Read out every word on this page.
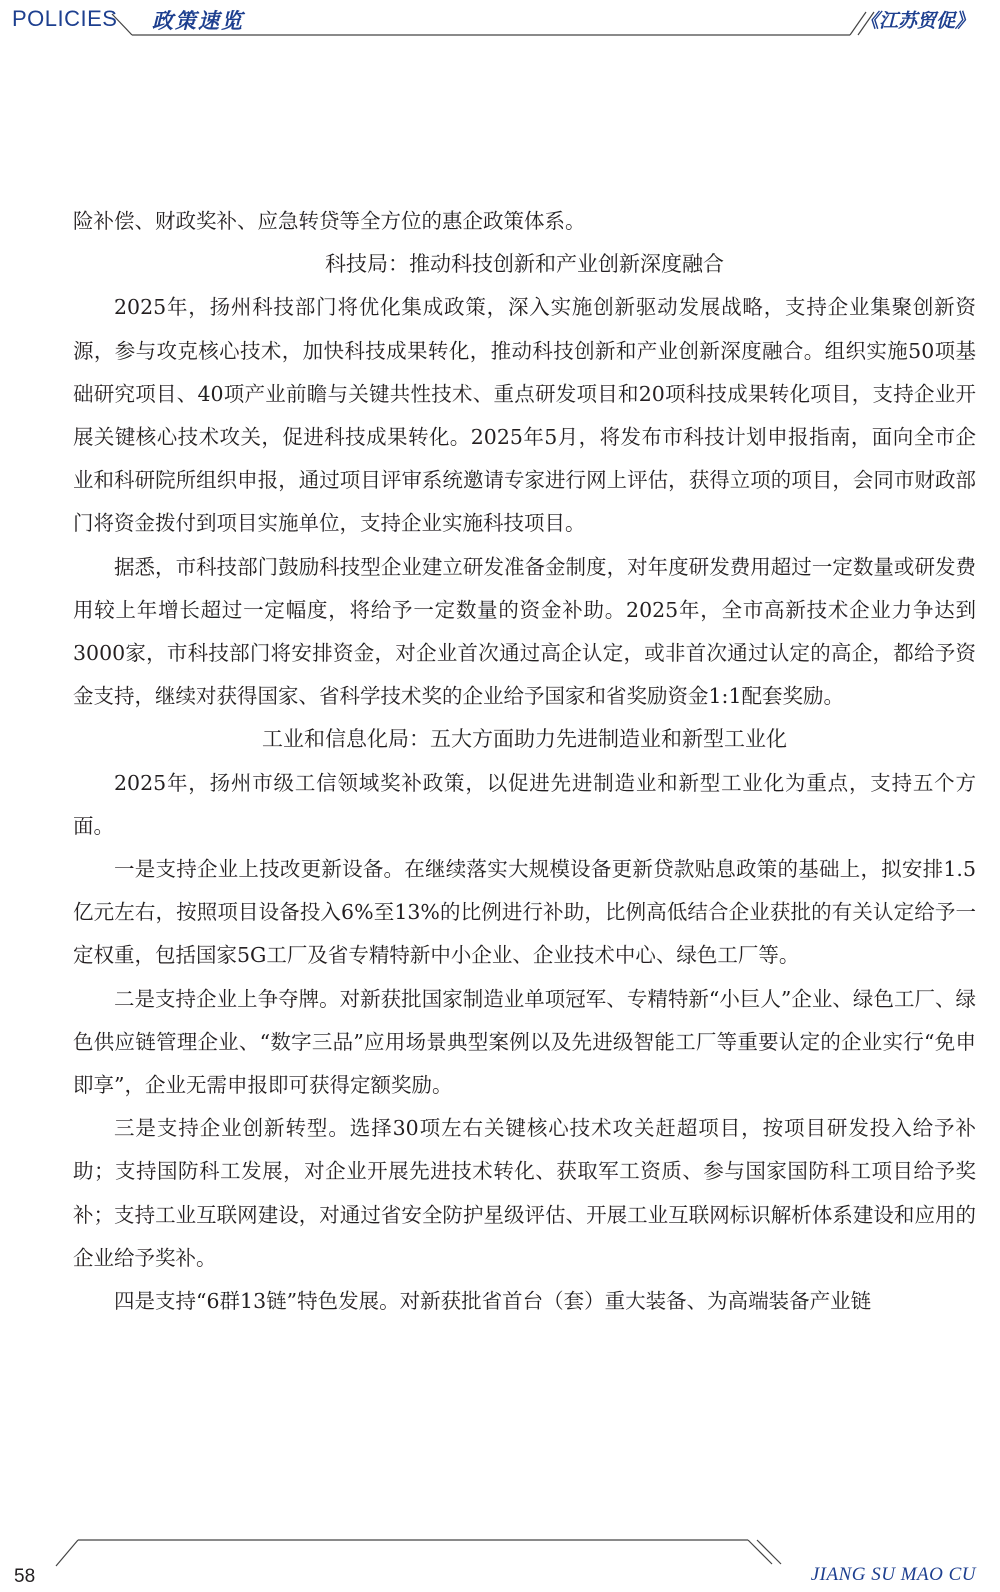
POLICIES 政策速览	《江苏贸促》

险补偿、财政奖补、应急转贷等全方位的惠企政策体系。

科技局：推动科技创新和产业创新深度融合

2025年，扬州科技部门将优化集成政策，深入实施创新驱动发展战略，支持企业集聚创新资源，参与攻克核心技术，加快科技成果转化，推动科技创新和产业创新深度融合。组织实施50项基础研究项目、40项产业前瞻与关键共性技术、重点研发项目和20项科技成果转化项目，支持企业开展关键核心技术攻关，促进科技成果转化。2025年5月，将发布市科技计划申报指南，面向全市企业和科研院所组织申报，通过项目评审系统邀请专家进行网上评估，获得立项的项目，会同市财政部门将资金拨付到项目实施单位，支持企业实施科技项目。

据悉，市科技部门鼓励科技型企业建立研发准备金制度，对年度研发费用超过一定数量或研发费用较上年增长超过一定幅度，将给予一定数量的资金补助。2025年，全市高新技术企业力争达到3000家，市科技部门将安排资金，对企业首次通过高企认定，或非首次通过认定的高企，都给予资金支持，继续对获得国家、省科学技术奖的企业给予国家和省奖励资金1:1配套奖励。

工业和信息化局：五大方面助力先进制造业和新型工业化

2025年，扬州市级工信领域奖补政策，以促进先进制造业和新型工业化为重点，支持五个方面。

一是支持企业上技改更新设备。在继续落实大规模设备更新贷款贴息政策的基础上，拟安排1.5亿元左右，按照项目设备投入6%至13%的比例进行补助，比例高低结合企业获批的有关认定给予一定权重，包括国家5G工厂及省专精特新中小企业、企业技术中心、绿色工厂等。

二是支持企业上争夺牌。对新获批国家制造业单项冠军、专精特新“小巨人”企业、绿色工厂、绿色供应链管理企业、“数字三品”应用场景典型案例以及先进级智能工厂等重要认定的企业实行“免申即享”，企业无需申报即可获得定额奖励。

三是支持企业创新转型。选择30项左右关键核心技术攻关赶超项目，按项目研发投入给予补助；支持国防科工发展，对企业开展先进技术转化、获取军工资质、参与国家国防科工项目给予奖补；支持工业互联网建设，对通过省安全防护星级评估、开展工业互联网标识解析体系建设和应用的企业给予奖补。

四是支持“6群13链”特色发展。对新获批省首台（套）重大装备、为高端装备产业链

58	JIANG SU MAO CU
